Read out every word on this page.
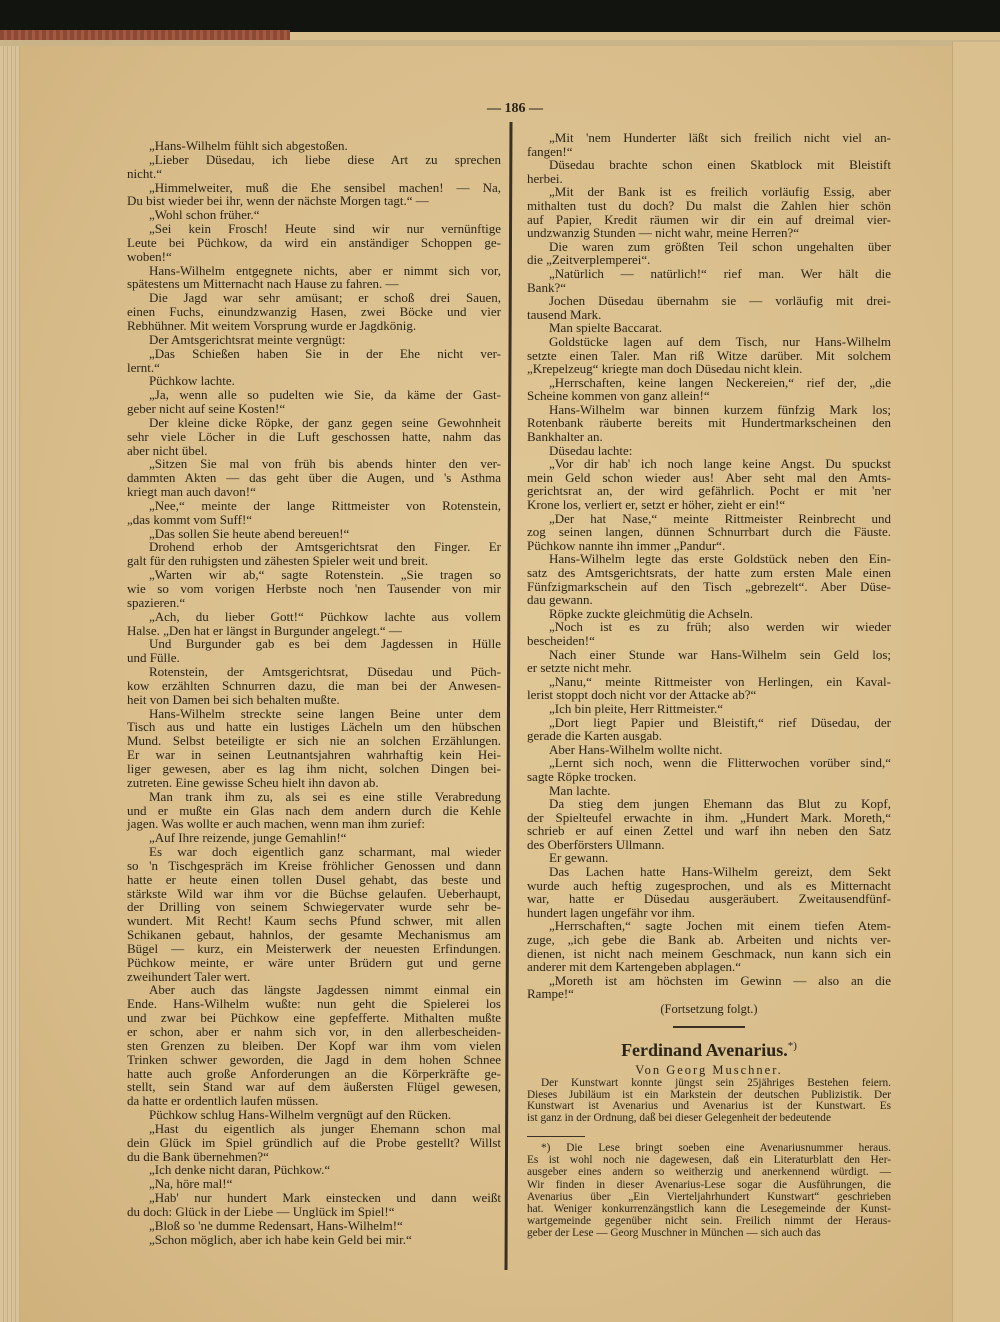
— 186 —
„Hans-Wilhelm fühlt sich abgestoßen.
„Lieber Düsedau, ich liebe diese Art zu sprechen
nicht.“
„Himmelweiter, muß die Ehe sensibel machen! — Na,
Du bist wieder bei ihr, wenn der nächste Morgen tagt.“ —
„Wohl schon früher.“
„Sei kein Frosch! Heute sind wir nur vernünftige
Leute bei Püchkow, da wird ein anständiger Schoppen ge-
woben!“
Hans-Wilhelm entgegnete nichts, aber er nimmt sich vor,
spätestens um Mitternacht nach Hause zu fahren. —
Die Jagd war sehr amüsant; er schoß drei Sauen,
einen Fuchs, einundzwanzig Hasen, zwei Böcke und vier
Rebhühner. Mit weitem Vorsprung wurde er Jagdkönig.
Der Amtsgerichtsrat meinte vergnügt:
„Das Schießen haben Sie in der Ehe nicht ver-
lernt.“
Püchkow lachte.
„Ja, wenn alle so pudelten wie Sie, da käme der Gast-
geber nicht auf seine Kosten!“
Der kleine dicke Röpke, der ganz gegen seine Gewohnheit
sehr viele Löcher in die Luft geschossen hatte, nahm das
aber nicht übel.
„Sitzen Sie mal von früh bis abends hinter den ver-
dammten Akten — das geht über die Augen, und 's Asthma
kriegt man auch davon!“
„Nee,“ meinte der lange Rittmeister von Rotenstein,
„das kommt vom Suff!“
„Das sollen Sie heute abend bereuen!“
Drohend erhob der Amtsgerichtsrat den Finger. Er
galt für den ruhigsten und zähesten Spieler weit und breit.
„Warten wir ab,“ sagte Rotenstein. „Sie tragen so
wie so vom vorigen Herbste noch 'nen Tausender von mir
spazieren.“
„Ach, du lieber Gott!“ Püchkow lachte aus vollem
Halse. „Den hat er längst in Burgunder angelegt.“ —
Und Burgunder gab es bei dem Jagdessen in Hülle
und Fülle.
Rotenstein, der Amtsgerichtsrat, Düsedau und Püch-
kow erzählten Schnurren dazu, die man bei der Anwesen-
heit von Damen bei sich behalten mußte.
Hans-Wilhelm streckte seine langen Beine unter dem
Tisch aus und hatte ein lustiges Lächeln um den hübschen
Mund. Selbst beteiligte er sich nie an solchen Erzählungen.
Er war in seinen Leutnantsjahren wahrhaftig kein Hei-
liger gewesen, aber es lag ihm nicht, solchen Dingen bei-
zutreten. Eine gewisse Scheu hielt ihn davon ab.
Man trank ihm zu, als sei es eine stille Verabredung
und er mußte ein Glas nach dem andern durch die Kehle
jagen. Was wollte er auch machen, wenn man ihm zurief:
„Auf Ihre reizende, junge Gemahlin!“
Es war doch eigentlich ganz scharmant, mal wieder
so 'n Tischgespräch im Kreise fröhlicher Genossen und dann
hatte er heute einen tollen Dusel gehabt, das beste und
stärkste Wild war ihm vor die Büchse gelaufen. Ueberhaupt,
der Drilling von seinem Schwiegervater wurde sehr be-
wundert. Mit Recht! Kaum sechs Pfund schwer, mit allen
Schikanen gebaut, hahnlos, der gesamte Mechanismus am
Bügel — kurz, ein Meisterwerk der neuesten Erfindungen.
Püchkow meinte, er wäre unter Brüdern gut und gerne
zweihundert Taler wert.
Aber auch das längste Jagdessen nimmt einmal ein
Ende. Hans-Wilhelm wußte: nun geht die Spielerei los
und zwar bei Püchkow eine gepfefferte. Mithalten mußte
er schon, aber er nahm sich vor, in den allerbescheiden-
sten Grenzen zu bleiben. Der Kopf war ihm vom vielen
Trinken schwer geworden, die Jagd in dem hohen Schnee
hatte auch große Anforderungen an die Körperkräfte ge-
stellt, sein Stand war auf dem äußersten Flügel gewesen,
da hatte er ordentlich laufen müssen.
Püchkow schlug Hans-Wilhelm vergnügt auf den Rücken.
„Hast du eigentlich als junger Ehemann schon mal
dein Glück im Spiel gründlich auf die Probe gestellt? Willst
du die Bank übernehmen?“
„Ich denke nicht daran, Püchkow.“
„Na, höre mal!“
„Hab' nur hundert Mark einstecken und dann weißt
du doch: Glück in der Liebe — Unglück im Spiel!“
„Bloß so 'ne dumme Redensart, Hans-Wilhelm!“
„Schon möglich, aber ich habe kein Geld bei mir.“
„Mit 'nem Hunderter läßt sich freilich nicht viel an-
fangen!“
Düsedau brachte schon einen Skatblock mit Bleistift
herbei.
„Mit der Bank ist es freilich vorläufig Essig, aber
mithalten tust du doch? Du malst die Zahlen hier schön
auf Papier, Kredit räumen wir dir ein auf dreimal vier-
undzwanzig Stunden — nicht wahr, meine Herren?“
Die waren zum größten Teil schon ungehalten über
die „Zeitverplemperei“.
„Natürlich — natürlich!“ rief man. Wer hält die
Bank?“
Jochen Düsedau übernahm sie — vorläufig mit drei-
tausend Mark.
Man spielte Baccarat.
Goldstücke lagen auf dem Tisch, nur Hans-Wilhelm
setzte einen Taler. Man riß Witze darüber. Mit solchem
„Krepelzeug“ kriegte man doch Düsedau nicht klein.
„Herrschaften, keine langen Neckereien,“ rief der, „die
Scheine kommen von ganz allein!“
Hans-Wilhelm war binnen kurzem fünfzig Mark los;
Rotenbank räuberte bereits mit Hundertmarkscheinen den
Bankhalter an.
Düsedau lachte:
„Vor dir hab' ich noch lange keine Angst. Du spuckst
mein Geld schon wieder aus! Aber seht mal den Amts-
gerichtsrat an, der wird gefährlich. Pocht er mit 'ner
Krone los, verliert er, setzt er höher, zieht er ein!“
„Der hat Nase,“ meinte Rittmeister Reinbrecht und
zog seinen langen, dünnen Schnurrbart durch die Fäuste.
Püchkow nannte ihn immer „Pandur“.
Hans-Wilhelm legte das erste Goldstück neben den Ein-
satz des Amtsgerichtsrats, der hatte zum ersten Male einen
Fünfzigmarkschein auf den Tisch „gebrezelt“. Aber Düse-
dau gewann.
Röpke zuckte gleichmütig die Achseln.
„Noch ist es zu früh; also werden wir wieder
bescheiden!“
Nach einer Stunde war Hans-Wilhelm sein Geld los;
er setzte nicht mehr.
„Nanu,“ meinte Rittmeister von Herlingen, ein Kaval-
lerist stoppt doch nicht vor der Attacke ab?“
„Ich bin pleite, Herr Rittmeister.“
„Dort liegt Papier und Bleistift,“ rief Düsedau, der
gerade die Karten ausgab.
Aber Hans-Wilhelm wollte nicht.
„Lernt sich noch, wenn die Flitterwochen vorüber sind,“
sagte Röpke trocken.
Man lachte.
Da stieg dem jungen Ehemann das Blut zu Kopf,
der Spielteufel erwachte in ihm. „Hundert Mark. Moreth,“
schrieb er auf einen Zettel und warf ihn neben den Satz
des Oberförsters Ullmann.
Er gewann.
Das Lachen hatte Hans-Wilhelm gereizt, dem Sekt
wurde auch heftig zugesprochen, und als es Mitternacht
war, hatte er Düsedau ausgeräubert. Zweitausendfünf-
hundert lagen ungefähr vor ihm.
„Herrschaften,“ sagte Jochen mit einem tiefen Atem-
zuge, „ich gebe die Bank ab. Arbeiten und nichts ver-
dienen, ist nicht nach meinem Geschmack, nun kann sich ein
anderer mit dem Kartengeben abplagen.“
„Moreth ist am höchsten im Gewinn — also an die
Rampe!“
(Fortsetzung folgt.)
Ferdinand Avenarius.*)
Von Georg Muschner.
Der Kunstwart konnte jüngst sein 25jähriges Bestehen feiern.
Dieses Jubiläum ist ein Markstein der deutschen Publizistik. Der
Kunstwart ist Avenarius und Avenarius ist der Kunstwart. Es
ist ganz in der Ordnung, daß bei dieser Gelegenheit der bedeutende
*) Die Lese bringt soeben eine Avenariusnummer heraus.
Es ist wohl noch nie dagewesen, daß ein Literaturblatt den Her-
ausgeber eines andern so weitherzig und anerkennend würdigt. —
Wir finden in dieser Avenarius-Lese sogar die Ausführungen, die
Avenarius über „Ein Vierteljahrhundert Kunstwart“ geschrieben
hat. Weniger konkurrenzängstlich kann die Lesegemeinde der Kunst-
wartgemeinde gegenüber nicht sein. Freilich nimmt der Heraus-
geber der Lese — Georg Muschner in München — sich auch das
